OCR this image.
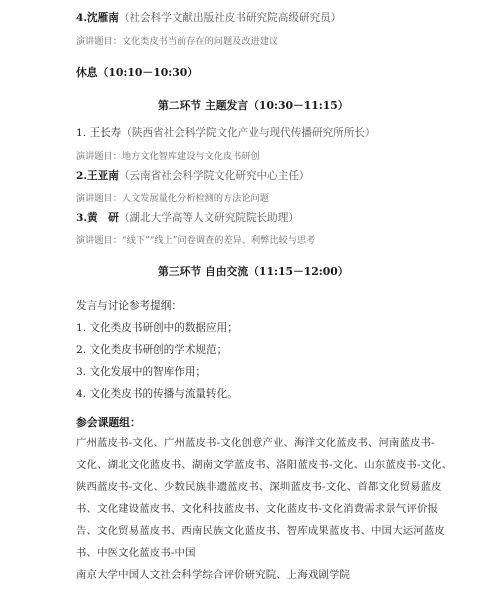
4.沈雁南（社会科学文献出版社皮书研究院高级研究员）
演讲题目：文化类皮书当前存在的问题及改进建议
休息（10:10－10:30）
第二环节 主题发言（10:30－11:15）
1. 王长寿（陕西省社会科学院文化产业与现代传播研究所所长）
演讲题目：地方文化智库建设与文化皮书研创
2.王亚南（云南省社会科学院文化研究中心主任）
演讲题目：人文发展量化分析检测的方法论问题
3.黄　研（湖北大学高等人文研究院院长助理）
演讲题目：“线下”“线上”问卷调查的差异、利弊比较与思考
第三环节 自由交流（11:15－12:00）
发言与讨论参考提纲：
1. 文化类皮书研创中的数据应用；
2. 文化类皮书研创的学术规范；
3. 文化发展中的智库作用；
4. 文化类皮书的传播与流量转化。
参会课题组：
广州蓝皮书-文化、广州蓝皮书-文化创意产业、海洋文化蓝皮书、河南蓝皮书-
文化、湖北文化蓝皮书、湖南文学蓝皮书、洛阳蓝皮书-文化、山东蓝皮书-文化、
陕西蓝皮书-文化、少数民族非遗蓝皮书、深圳蓝皮书-文化、首都文化贸易蓝皮
书、文化建设蓝皮书、文化科技蓝皮书、文化蓝皮书-文化消费需求景气评价报
告、文化贸易蓝皮书、西南民族文化蓝皮书、智库成果蓝皮书、中国大运河蓝皮
书、中医文化蓝皮书-中国
南京大学中国人文社会科学综合评价研究院、上海戏剧学院
